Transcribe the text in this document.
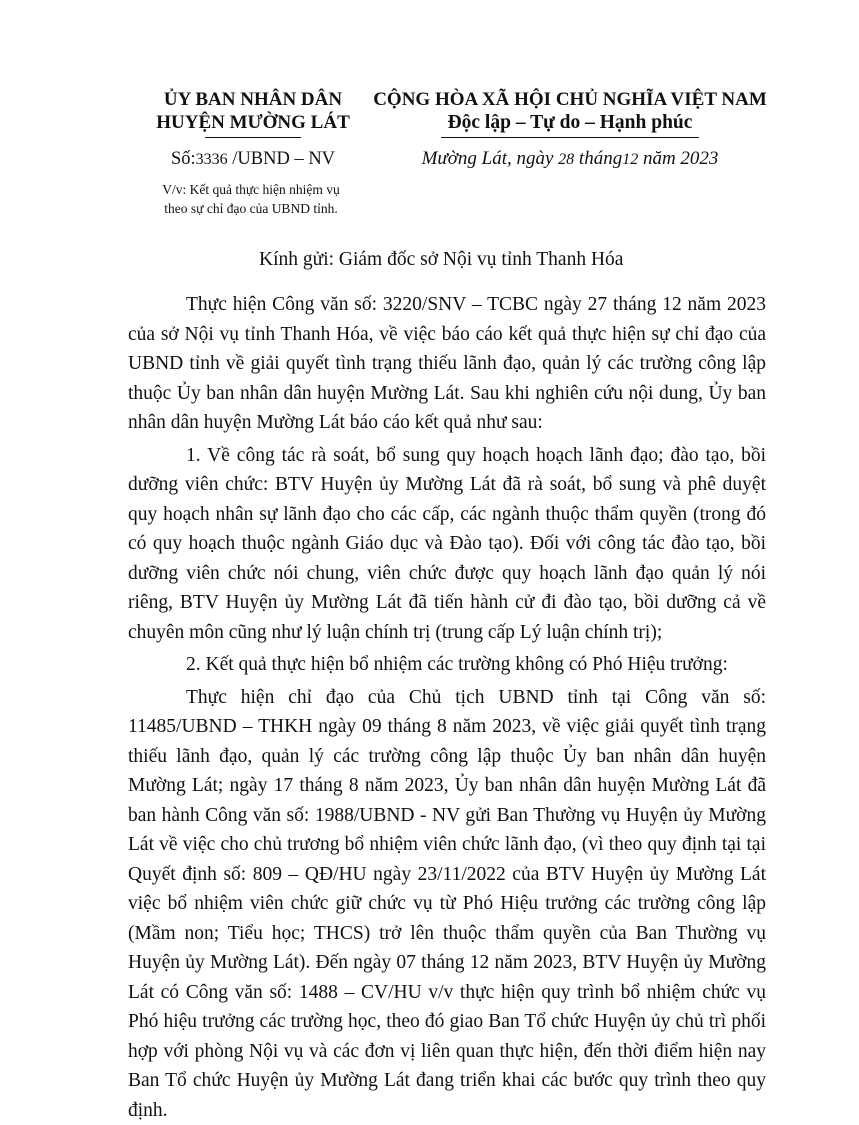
ỦY BAN NHÂN DÂN
HUYỆN MƯỜNG LÁT
CỘNG HÒA XÃ HỘI CHỦ NGHĨA VIỆT NAM
Độc lập – Tự do – Hạnh phúc
Số:3336 /UBND – NV	Mường Lát, ngày 28 tháng12 năm 2023
V/v: Kết quả thực hiện nhiệm vụ
theo sự chỉ đạo của UBND tỉnh.
Kính gửi: Giám đốc sở Nội vụ tỉnh Thanh Hóa

Thực hiện Công văn số: 3220/SNV – TCBC ngày 27 tháng 12 năm 2023 của sở Nội vụ tỉnh Thanh Hóa, về việc báo cáo kết quả thực hiện sự chỉ đạo của UBND tỉnh về giải quyết tình trạng thiếu lãnh đạo, quản lý các trường công lập thuộc Ủy ban nhân dân huyện Mường Lát. Sau khi nghiên cứu nội dung, Ủy ban nhân dân huyện Mường Lát báo cáo kết quả như sau:

1. Về công tác rà soát, bổ sung quy hoạch hoạch lãnh đạo; đào tạo, bồi dưỡng viên chức: BTV Huyện ủy Mường Lát đã rà soát, bổ sung và phê duyệt quy hoạch nhân sự lãnh đạo cho các cấp, các ngành thuộc thẩm quyền (trong đó có quy hoạch thuộc ngành Giáo dục và Đào tạo). Đối với công tác đào tạo, bồi dưỡng viên chức nói chung, viên chức được quy hoạch lãnh đạo quản lý nói riêng, BTV Huyện ủy Mường Lát đã tiến hành cử đi đào tạo, bồi dưỡng cả về chuyên môn cũng như lý luận chính trị (trung cấp Lý luận chính trị);

2. Kết quả thực hiện bổ nhiệm các trường không có Phó Hiệu trưởng:

Thực hiện chỉ đạo của Chủ tịch UBND tỉnh tại Công văn số: 11485/UBND – THKH ngày 09 tháng 8 năm 2023, về việc giải quyết tình trạng thiếu lãnh đạo, quản lý các trường công lập thuộc Ủy ban nhân dân huyện Mường Lát; ngày 17 tháng 8 năm 2023, Ủy ban nhân dân huyện Mường Lát đã ban hành Công văn số: 1988/UBND - NV gửi Ban Thường vụ Huyện ủy Mường Lát về việc cho chủ trương bổ nhiệm viên chức lãnh đạo, (vì theo quy định tại tại Quyết định số: 809 – QĐ/HU ngày 23/11/2022 của BTV Huyện ủy Mường Lát việc bổ nhiệm viên chức giữ chức vụ từ Phó Hiệu trưởng các trường công lập (Mầm non; Tiểu học; THCS) trở lên thuộc thẩm quyền của Ban Thường vụ Huyện ủy Mường Lát). Đến ngày 07 tháng 12 năm 2023, BTV Huyện ủy Mường Lát có Công văn số: 1488 – CV/HU v/v thực hiện quy trình bổ nhiệm chức vụ Phó hiệu trưởng các trường học, theo đó giao Ban Tổ chức Huyện ủy chủ trì phối hợp với phòng Nội vụ và các đơn vị liên quan thực hiện, đến thời điểm hiện nay Ban Tổ chức Huyện ủy Mường Lát đang triển khai các bước quy trình theo quy định.
